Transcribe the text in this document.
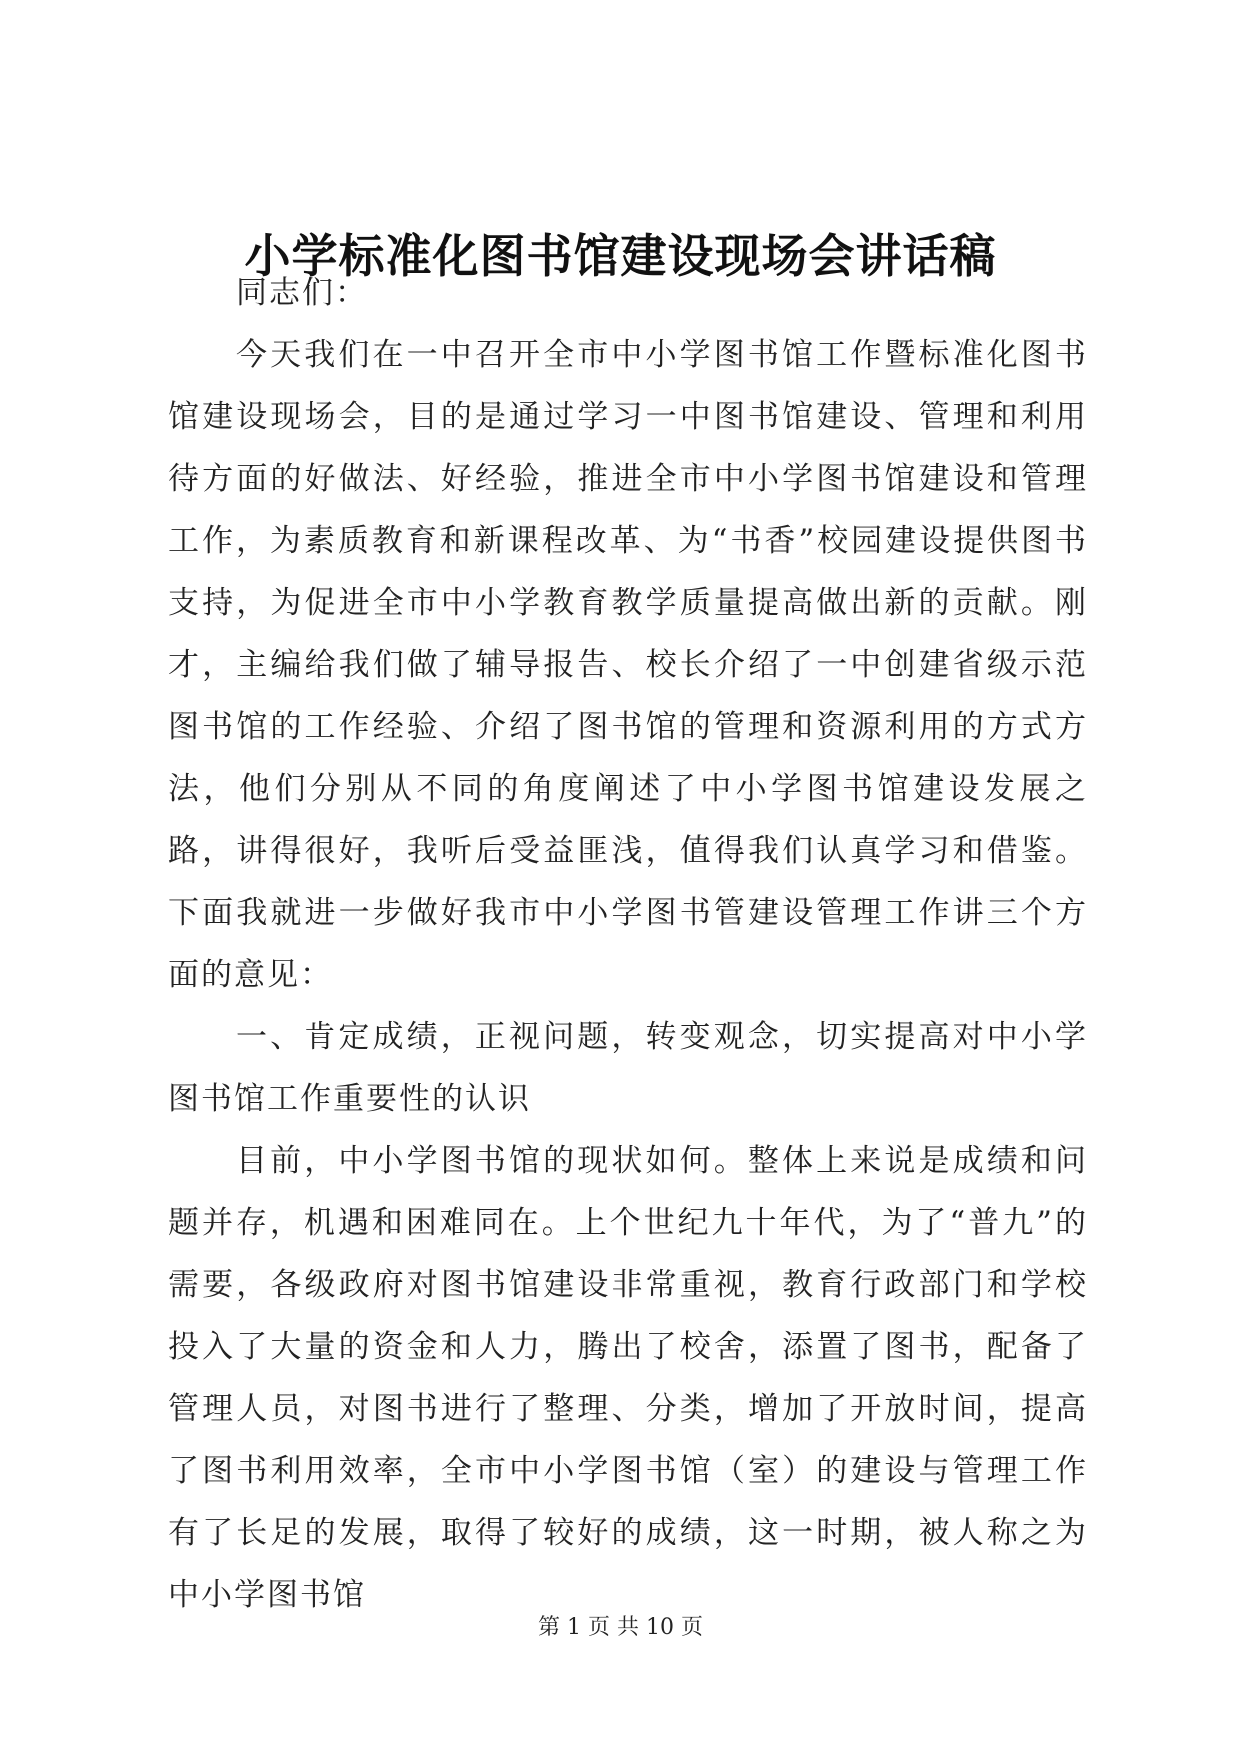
小学标准化图书馆建设现场会讲话稿

同志们：

今天我们在一中召开全市中小学图书馆工作暨标准化图书馆建设现场会，目的是通过学习一中图书馆建设、管理和利用待方面的好做法、好经验，推进全市中小学图书馆建设和管理工作，为素质教育和新课程改革、为“书香”校园建设提供图书支持，为促进全市中小学教育教学质量提高做出新的贡献。刚才，主编给我们做了辅导报告、校长介绍了一中创建省级示范图书馆的工作经验、介绍了图书馆的管理和资源利用的方式方法，他们分别从不同的角度阐述了中小学图书馆建设发展之路，讲得很好，我听后受益匪浅，值得我们认真学习和借鉴。下面我就进一步做好我市中小学图书管建设管理工作讲三个方面的意见：

一、肯定成绩，正视问题，转变观念，切实提高对中小学图书馆工作重要性的认识

目前，中小学图书馆的现状如何。整体上来说是成绩和问题并存，机遇和困难同在。上个世纪九十年代，为了“普九”的需要，各级政府对图书馆建设非常重视，教育行政部门和学校投入了大量的资金和人力，腾出了校舍，添置了图书，配备了管理人员，对图书进行了整理、分类，增加了开放时间，提高了图书利用效率，全市中小学图书馆（室）的建设与管理工作有了长足的发展，取得了较好的成绩，这一时期，被人称之为中小学图书馆

第 1 页 共 10 页
